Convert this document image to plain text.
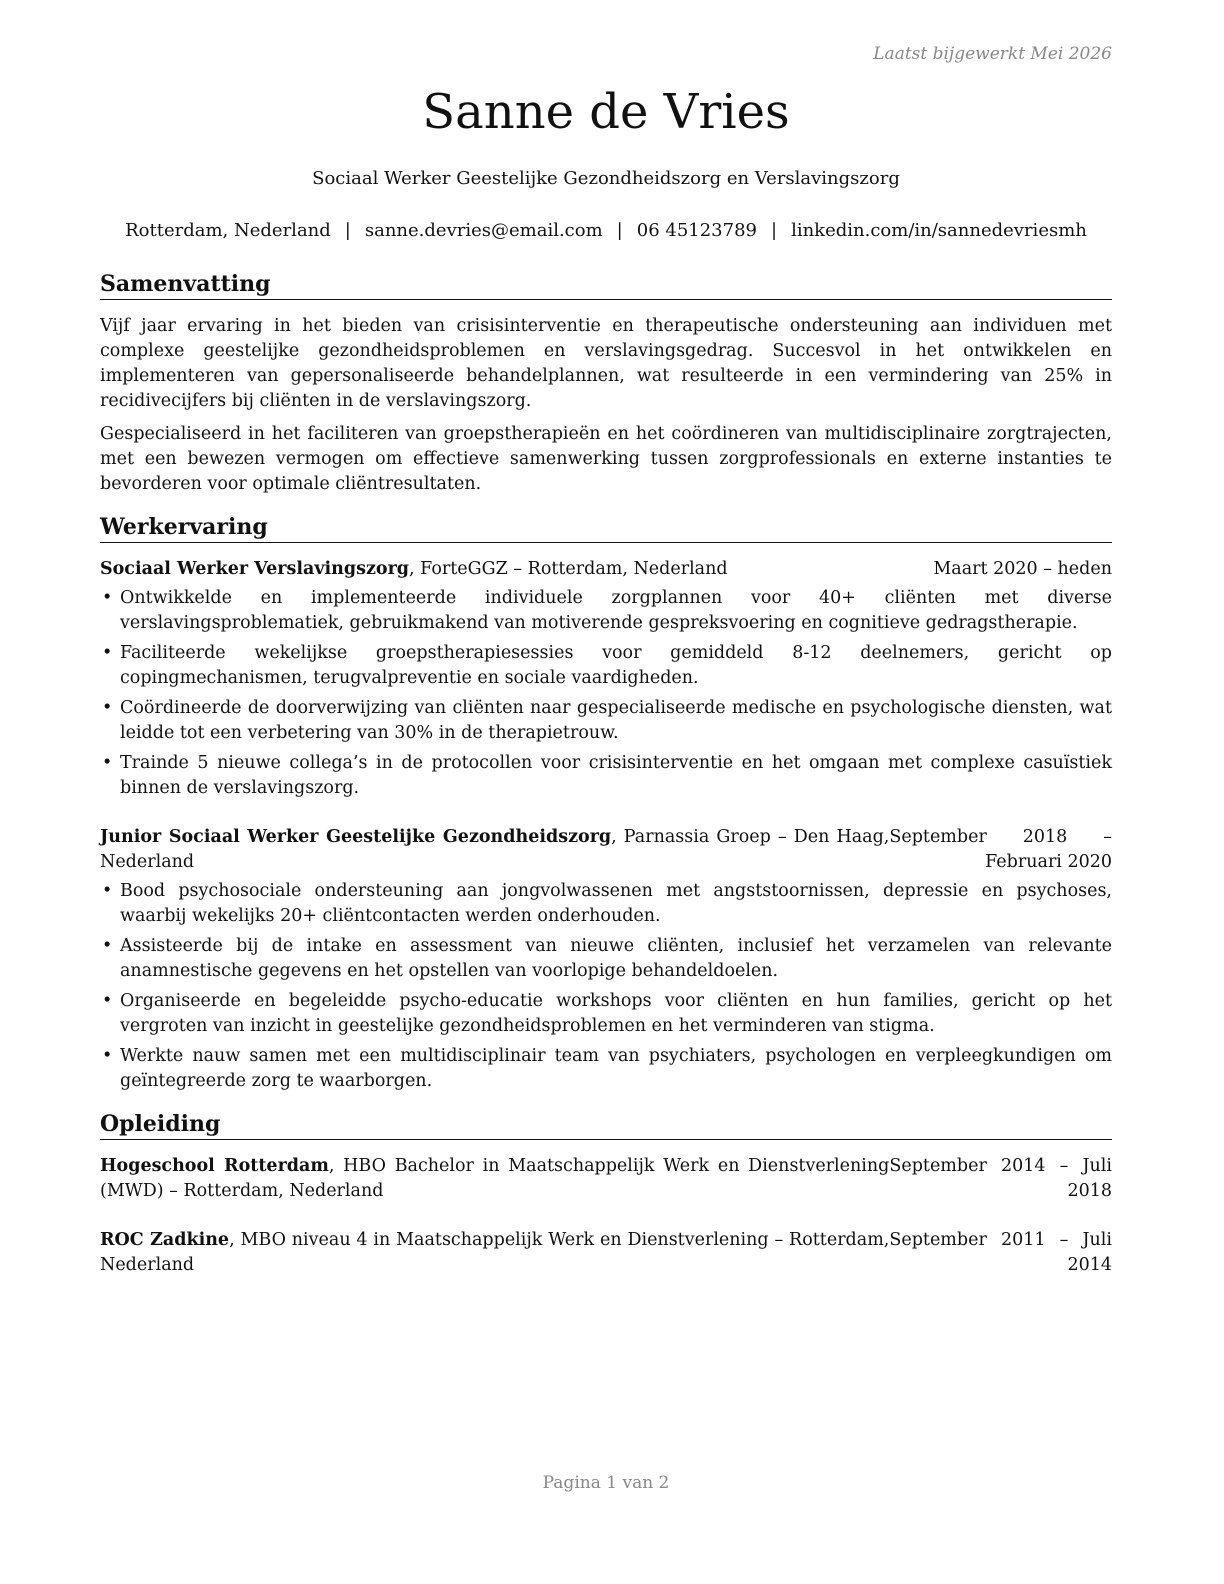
Laatst bijgewerkt Mei 2026
Sanne de Vries
Sociaal Werker Geestelijke Gezondheidszorg en Verslavingszorg
Rotterdam, Nederland | sanne.devries@email.com | 06 45123789 | linkedin.com/in/sannedevriesmh
Samenvatting

Vijf jaar ervaring in het bieden van crisisinterventie en therapeutische ondersteuning aan individuen met complexe geestelijke gezondheidsproblemen en verslavingsgedrag. Succesvol in het ontwikkelen en implementeren van gepersonaliseerde behandelplannen, wat resulteerde in een vermindering van 25% in recidivecijfers bij cliënten in de verslavingszorg.

Gespecialiseerd in het faciliteren van groepstherapieën en het coördineren van multidisciplinaire zorgtrajecten, met een bewezen vermogen om effectieve samenwerking tussen zorgprofessionals en externe instanties te bevorderen voor optimale cliëntresultaten.

Werkervaring
Sociaal Werker Verslavingszorg, ForteGGZ – Rotterdam, Nederland	Maart 2020 – heden
• Ontwikkelde en implementeerde individuele zorgplannen voor 40+ cliënten met diverse verslavingsproblematiek, gebruikmakend van motiverende gespreksvoering en cognitieve gedragstherapie.
• Faciliteerde wekelijkse groepstherapiesessies voor gemiddeld 8-12 deelnemers, gericht op copingmechanismen, terugvalpreventie en sociale vaardigheden.
• Coördineerde de doorverwijzing van cliënten naar gespecialiseerde medische en psychologische diensten, wat leidde tot een verbetering van 30% in de therapietrouw.
• Trainde 5 nieuwe collega’s in de protocollen voor crisisinterventie en het omgaan met complexe casuïstiek binnen de verslavingszorg.
Junior Sociaal Werker Geestelijke Gezondheidszorg, Parnassia Groep – Den Haag, Nederland
September 2018 – Februari 2020
• Bood psychosociale ondersteuning aan jongvolwassenen met angststoornissen, depressie en psychoses, waarbij wekelijks 20+ cliëntcontacten werden onderhouden.
• Assisteerde bij de intake en assessment van nieuwe cliënten, inclusief het verzamelen van relevante anamnestische gegevens en het opstellen van voorlopige behandeldoelen.
• Organiseerde en begeleidde psycho-educatie workshops voor cliënten en hun families, gericht op het vergroten van inzicht in geestelijke gezondheidsproblemen en het verminderen van stigma.
• Werkte nauw samen met een multidisciplinair team van psychiaters, psychologen en verpleegkundigen om geïntegreerde zorg te waarborgen.
Opleiding
Hogeschool Rotterdam, HBO Bachelor in Maatschappelijk Werk en Dienstverlening (MWD) – Rotterdam, Nederland
September 2014 – Juli 2018
ROC Zadkine, MBO niveau 4 in Maatschappelijk Werk en Dienstverlening – Rotterdam, Nederland
September 2011 – Juli 2014
Pagina 1 van 2
